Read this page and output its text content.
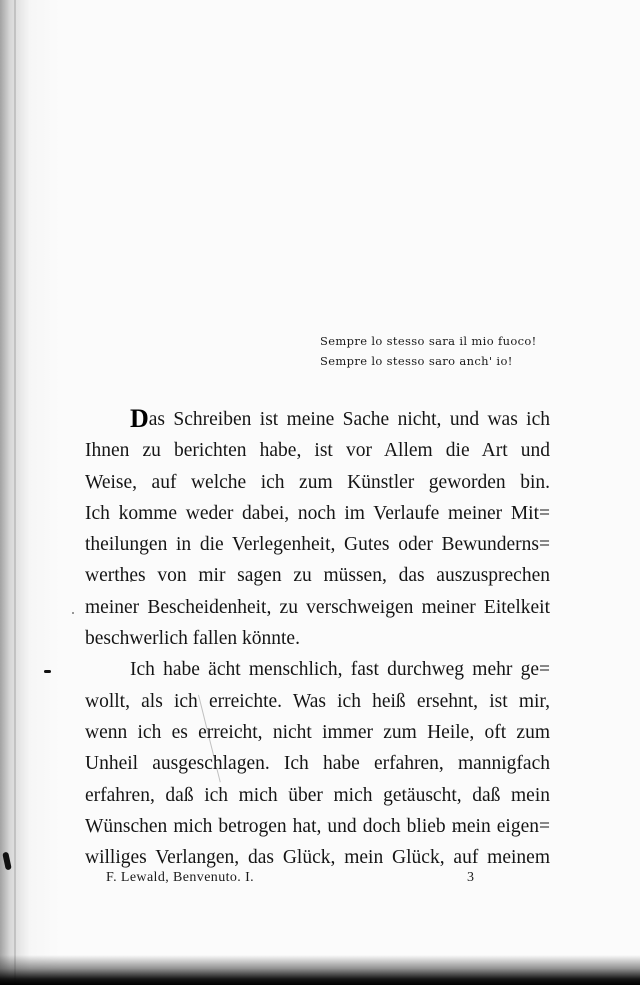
Sempre lo stesso sara il mio fuoco!
Sempre lo stesso saro anch' io!
Das Schreiben ist meine Sache nicht, und was ich
Ihnen zu berichten habe, ist vor Allem die Art und
Weise, auf welche ich zum Künstler geworden bin.
Ich komme weder dabei, noch im Verlaufe meiner Mit=
theilungen in die Verlegenheit, Gutes oder Bewunderns=
werthes von mir sagen zu müssen, das auszusprechen
meiner Bescheidenheit, zu verschweigen meiner Eitelkeit
beschwerlich fallen könnte.
Ich habe ächt menschlich, fast durchweg mehr ge=
wollt, als ich erreichte. Was ich heiß ersehnt, ist mir,
wenn ich es erreicht, nicht immer zum Heile, oft zum
Unheil ausgeschlagen. Ich habe erfahren, mannigfach
erfahren, daß ich mich über mich getäuscht, daß mein
Wünschen mich betrogen hat, und doch blieb mein eigen=
williges Verlangen, das Glück, mein Glück, auf meinem
F. Lewald, Benvenuto. I.	3
